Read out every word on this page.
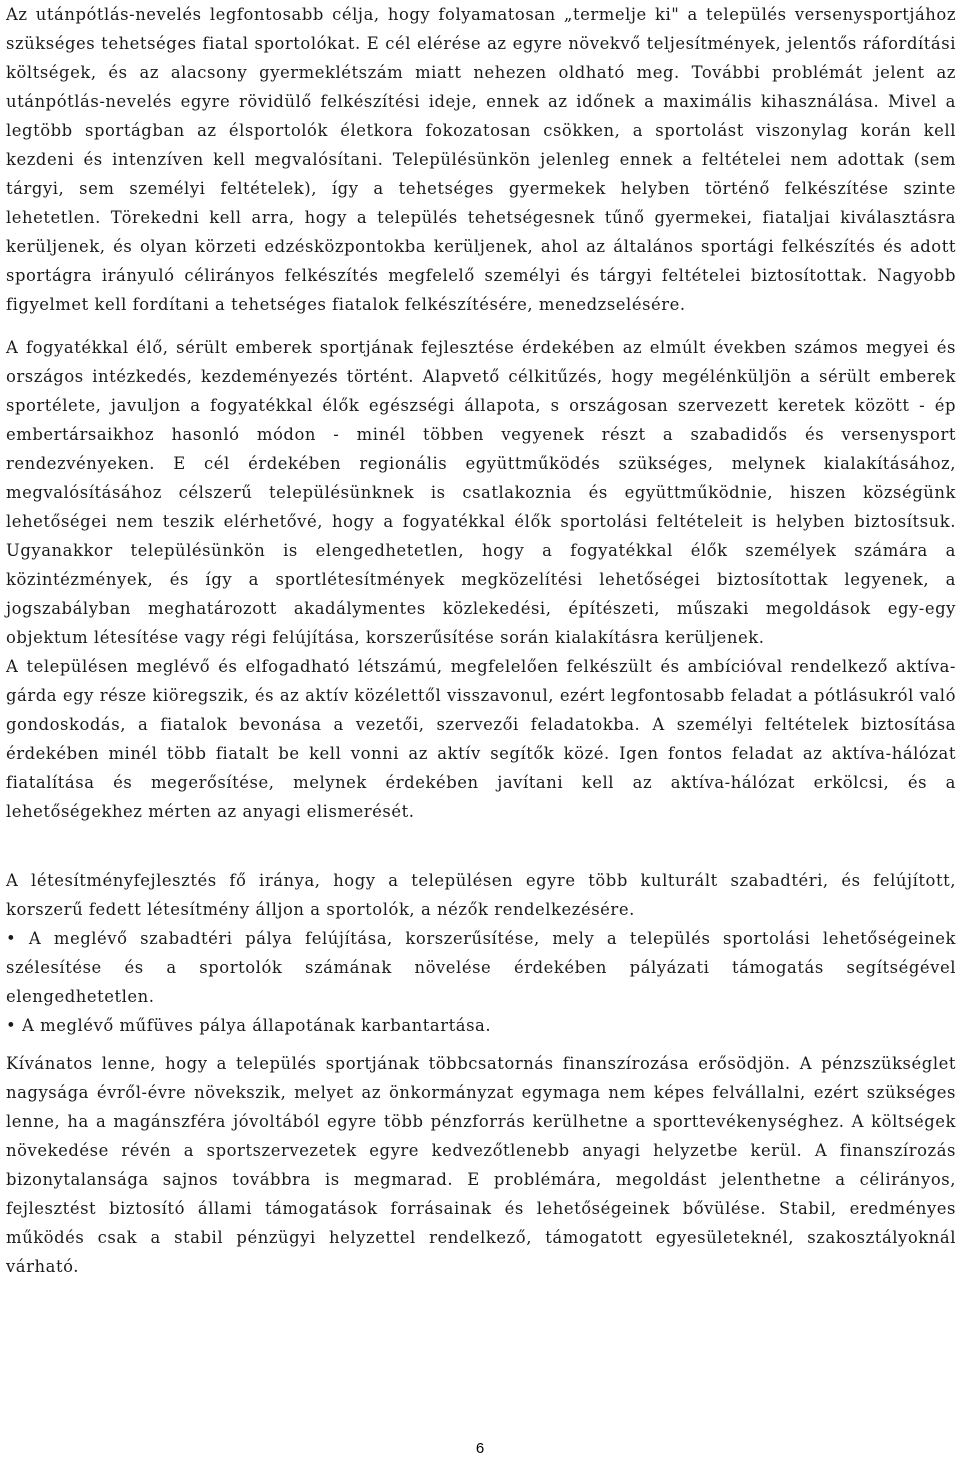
Az utánpótlás-nevelés legfontosabb célja, hogy folyamatosan „termelje ki" a település versenysportjához szükséges tehetséges fiatal sportolókat. E cél elérése az egyre növekvő teljesítmények, jelentős ráfordítási költségek, és az alacsony gyermeklétszám miatt nehezen oldható meg. További problémát jelent az utánpótlás-nevelés egyre rövidülő felkészítési ideje, ennek az időnek a maximális kihasználása. Mivel a legtöbb sportágban az élsportolók életkora fokozatosan csökken, a sportolást viszonylag korán kell kezdeni és intenzíven kell megvalósítani. Településünkön jelenleg ennek a feltételei nem adottak (sem tárgyi, sem személyi feltételek), így a tehetséges gyermekek helyben történő felkészítése szinte lehetetlen. Törekedni kell arra, hogy a település tehetségesnek tűnő gyermekei, fiataljai kiválasztásra kerüljenek, és olyan körzeti edzésközpontokba kerüljenek, ahol az általános sportági felkészítés és adott sportágra irányuló célirányos felkészítés megfelelő személyi és tárgyi feltételei biztosítottak. Nagyobb figyelmet kell fordítani a tehetséges fiatalok felkészítésére, menedzselésére.

A fogyatékkal élő, sérült emberek sportjának fejlesztése érdekében az elmúlt években számos megyei és országos intézkedés, kezdeményezés történt. Alapvető célkitűzés, hogy megélénküljön a sérült emberek sportélete, javuljon a fogyatékkal élők egészségi állapota, s országosan szervezett keretek között - ép embertársaikhoz hasonló módon - minél többen vegyenek részt a szabadidős és versenysport rendezvényeken. E cél érdekében regionális együttműködés szükséges, melynek kialakításához, megvalósításához célszerű településünknek is csatlakoznia és együttműködnie, hiszen községünk lehetőségei nem teszik elérhetővé, hogy a fogyatékkal élők sportolási feltételeit is helyben biztosítsuk. Ugyanakkor településünkön is elengedhetetlen, hogy a fogyatékkal élők személyek számára a közintézmények, és így a sportlétesítmények megközelítési lehetőségei biztosítottak legyenek, a jogszabályban meghatározott akadálymentes közlekedési, építészeti, műszaki megoldások egy-egy objektum létesítése vagy régi felújítása, korszerűsítése során kialakításra kerüljenek.

A településen meglévő és elfogadható létszámú, megfelelően felkészült és ambícióval rendelkező aktíva-gárda egy része kiöregszik, és az aktív közélettől visszavonul, ezért legfontosabb feladat a pótlásukról való gondoskodás, a fiatalok bevonása a vezetői, szervezői feladatokba. A személyi feltételek biztosítása érdekében minél több fiatalt be kell vonni az aktív segítők közé. Igen fontos feladat az aktíva-hálózat fiatalítása és megerősítése, melynek érdekében javítani kell az aktíva-hálózat erkölcsi, és a lehetőségekhez mérten az anyagi elismerését.

A létesítményfejlesztés fő iránya, hogy a településen egyre több kulturált szabadtéri, és felújított, korszerű fedett létesítmény álljon a sportolók, a nézők rendelkezésére.

• A meglévő szabadtéri pálya felújítása, korszerűsítése, mely a település sportolási lehetőségeinek szélesítése és a sportolók számának növelése érdekében pályázati támogatás segítségével elengedhetetlen.

• A meglévő műfüves pálya állapotának karbantartása.

Kívánatos lenne, hogy a település sportjának többcsatornás finanszírozása erősödjön. A pénzszükséglet nagysága évről-évre növekszik, melyet az önkormányzat egymaga nem képes felvállalni, ezért szükséges lenne, ha a magánszféra jóvoltából egyre több pénzforrás kerülhetne a sporttevékenységhez. A költségek növekedése révén a sportszervezetek egyre kedvezőtlenebb anyagi helyzetbe kerül. A finanszírozás bizonytalansága sajnos továbbra is megmarad. E problémára, megoldást jelenthetne a célirányos, fejlesztést biztosító állami támogatások forrásainak és lehetőségeinek bővülése. Stabil, eredményes működés csak a stabil pénzügyi helyzettel rendelkező, támogatott egyesületeknél, szakosztályoknál várható.

6
